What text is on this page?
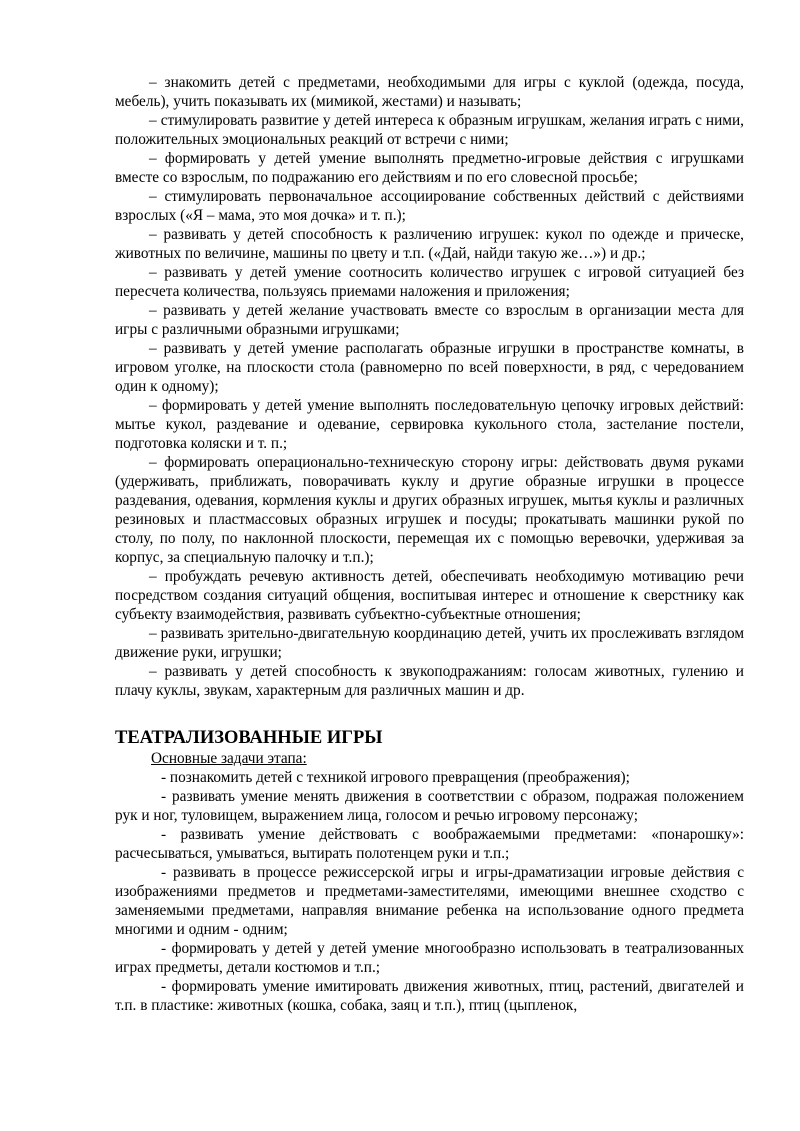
– знакомить детей с предметами, необходимыми для игры с куклой (одежда, посуда, мебель), учить показывать их (мимикой, жестами) и называть;

– стимулировать развитие у детей интереса к образным игрушкам, желания играть с ними, положительных эмоциональных реакций от встречи с ними;

– формировать у детей умение выполнять предметно-игровые действия с игрушками вместе со взрослым, по подражанию его действиям и по его словесной просьбе;

– стимулировать первоначальное ассоциирование собственных действий с действиями взрослых («Я – мама, это моя дочка» и т. п.);

– развивать у детей способность к различению игрушек: кукол по одежде и прическе, животных по величине, машины по цвету и т.п. («Дай, найди такую же…») и др.;

– развивать у детей умение соотносить количество игрушек с игровой ситуацией без пересчета количества, пользуясь приемами наложения и приложения;

– развивать у детей желание участвовать вместе со взрослым в организации места для игры с различными образными игрушками;

– развивать у детей умение располагать образные игрушки в пространстве комнаты, в игровом уголке, на плоскости стола (равномерно по всей поверхности, в ряд, с чередованием один к одному);

– формировать у детей умение выполнять последовательную цепочку игровых действий: мытье кукол, раздевание и одевание, сервировка кукольного стола, застелание постели, подготовка коляски и т. п.;

– формировать операционально-техническую сторону игры: действовать двумя руками (удерживать, приближать, поворачивать куклу и другие образные игрушки в процессе раздевания, одевания, кормления куклы и других образных игрушек, мытья куклы и различных резиновых и пластмассовых образных игрушек и посуды; прокатывать машинки рукой по столу, по полу, по наклонной плоскости, перемещая их с помощью веревочки, удерживая за корпус, за специальную палочку и т.п.);

– пробуждать речевую активность детей, обеспечивать необходимую мотивацию речи посредством создания ситуаций общения, воспитывая интерес и отношение к сверстнику как субъекту взаимодействия, развивать субъектно-субъектные отношения;

– развивать зрительно-двигательную координацию детей, учить их прослеживать взглядом движение руки, игрушки;

– развивать у детей способность к звукоподражаниям: голосам животных, гулению и плачу куклы, звукам, характерным для различных машин и др.

ТЕАТРАЛИЗОВАННЫЕ ИГРЫ

Основные задачи этапа:

- познакомить детей с техникой игрового превращения (преображения);

- развивать умение менять движения в соответствии с образом, подражая положением рук и ног, туловищем, выражением лица, голосом и речью игровому персонажу;

- развивать умение действовать с воображаемыми предметами: «понарошку»: расчесываться, умываться, вытирать полотенцем руки и т.п.;

- развивать в процессе режиссерской игры и игры-драматизации игровые действия с изображениями предметов и предметами-заместителями, имеющими внешнее сходство с заменяемыми предметами, направляя внимание ребенка на использование одного предмета многими и одним - одним;

- формировать у детей у детей умение многообразно использовать в театрализованных играх предметы, детали костюмов и т.п.;

- формировать умение имитировать движения животных, птиц, растений, двигателей и т.п. в пластике: животных (кошка, собака, заяц и т.п.), птиц (цыпленок,
